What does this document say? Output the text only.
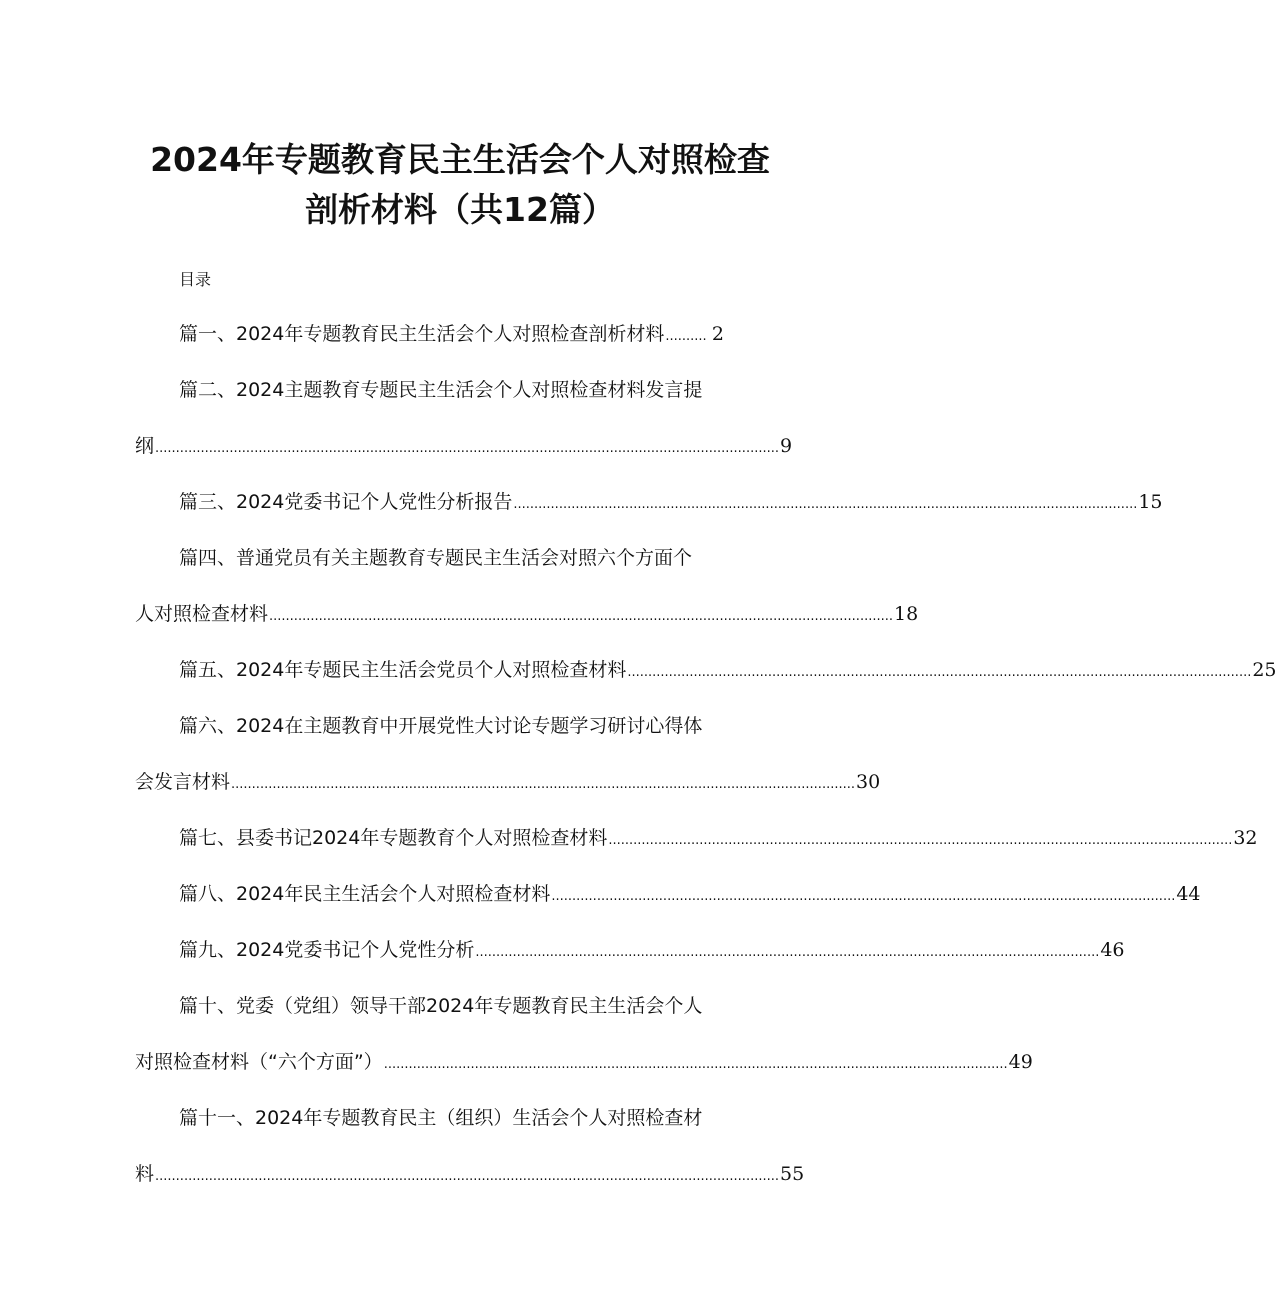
2024年专题教育民主生活会个人对照检查
剖析材料（共12篇）
目录
篇一、2024年专题教育民主生活会个人对照检查剖析材料 .......... 2
篇二、2024主题教育专题民主生活会个人对照检查材料发言提
纲 ....................................................................................................................................................... 9
篇三、2024党委书记个人党性分析报告 ....................................................................................................................................................... 15
篇四、普通党员有关主题教育专题民主生活会对照六个方面个
人对照检查材料 ....................................................................................................................................................... 18
篇五、2024年专题民主生活会党员个人对照检查材料 ....................................................................................................................................................... 25
篇六、2024在主题教育中开展党性大讨论专题学习研讨心得体
会发言材料 ....................................................................................................................................................... 30
篇七、县委书记2024年专题教育个人对照检查材料 ....................................................................................................................................................... 32
篇八、2024年民主生活会个人对照检查材料 ....................................................................................................................................................... 44
篇九、2024党委书记个人党性分析 ....................................................................................................................................................... 46
篇十、党委（党组）领导干部2024年专题教育民主生活会个人
对照检查材料（“六个方面”） ....................................................................................................................................................... 49
篇十一、2024年专题教育民主（组织）生活会个人对照检查材
料 ....................................................................................................................................................... 55
